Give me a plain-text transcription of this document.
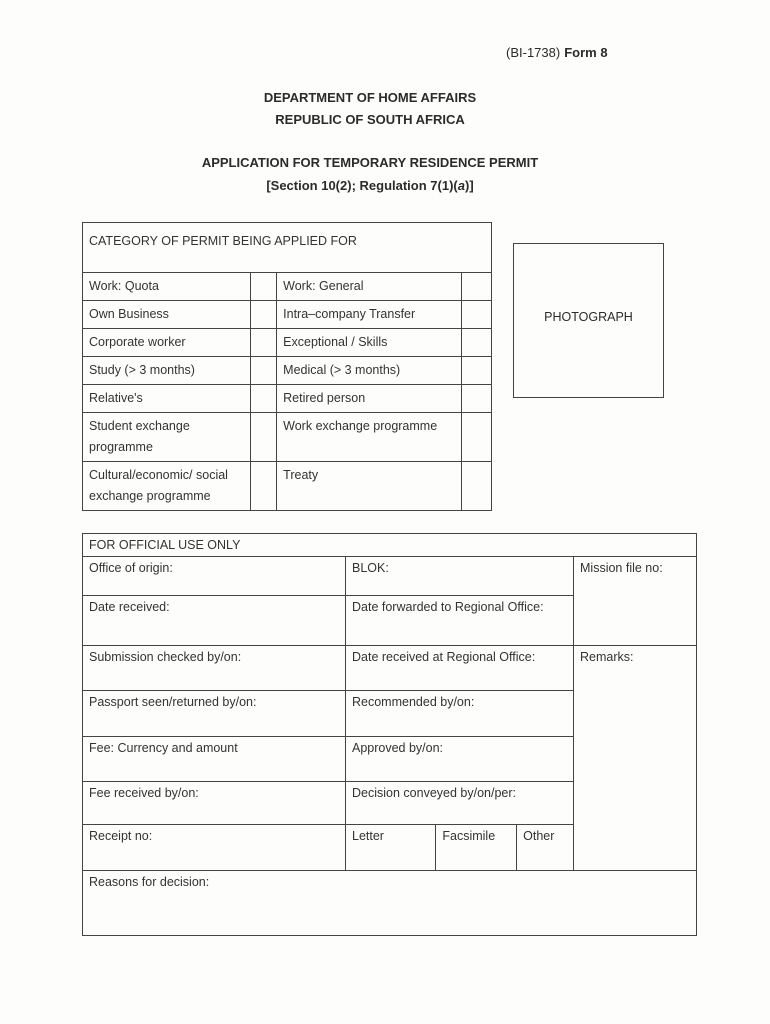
(BI-1738) Form 8
DEPARTMENT OF HOME AFFAIRS
REPUBLIC OF SOUTH AFRICA
APPLICATION FOR TEMPORARY RESIDENCE PERMIT
[Section 10(2); Regulation 7(1)(a)]
CATEGORY OF PERMIT BEING APPLIED FOR			
Work: Quota		Work: General	
Own Business		Intra–company Transfer	
Corporate worker		Exceptional / Skills	
Study (> 3 months)		Medical (> 3 months)	
Relative's		Retired person	
Student exchange programme		Work exchange programme	
Cultural/economic/ social exchange programme		Treaty	
PHOTOGRAPH
FOR OFFICIAL USE ONLY
Office of origin:	BLOK:	Mission file no:
Date received:	Date forwarded to Regional Office:
Submission checked by/on:	Date received at Regional Office:	Remarks:
Passport seen/returned by/on:	Recommended by/on:
Fee: Currency and amount	Approved by/on:
Fee received by/on:	Decision conveyed by/on/per:
Receipt no:		Letter	Facsimile	Other

Reasons for decision:
